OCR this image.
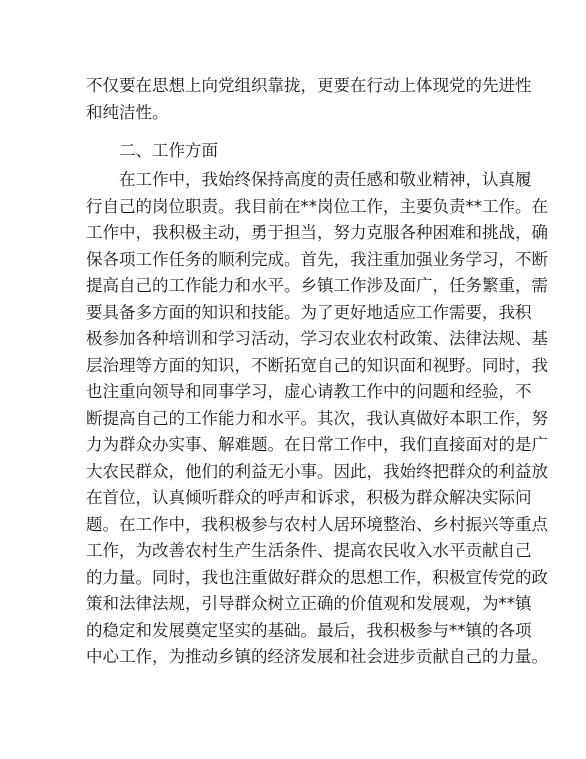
不仅要在思想上向党组织靠拢，更要在行动上体现党的先进性
和纯洁性。
二、工作方面
在工作中，我始终保持高度的责任感和敬业精神，认真履
行自己的岗位职责。我目前在**岗位工作，主要负责**工作。在
工作中，我积极主动，勇于担当，努力克服各种困难和挑战，确
保各项工作任务的顺利完成。首先，我注重加强业务学习，不断
提高自己的工作能力和水平。乡镇工作涉及面广，任务繁重，需
要具备多方面的知识和技能。为了更好地适应工作需要，我积
极参加各种培训和学习活动，学习农业农村政策、法律法规、基
层治理等方面的知识，不断拓宽自己的知识面和视野。同时，我
也注重向领导和同事学习，虚心请教工作中的问题和经验，不
断提高自己的工作能力和水平。其次，我认真做好本职工作，努
力为群众办实事、解难题。在日常工作中，我们直接面对的是广
大农民群众，他们的利益无小事。因此，我始终把群众的利益放
在首位，认真倾听群众的呼声和诉求，积极为群众解决实际问
题。在工作中，我积极参与农村人居环境整治、乡村振兴等重点
工作，为改善农村生产生活条件、提高农民收入水平贡献自己
的力量。同时，我也注重做好群众的思想工作，积极宣传党的政
策和法律法规，引导群众树立正确的价值观和发展观，为**镇
的稳定和发展奠定坚实的基础。最后，我积极参与**镇的各项
中心工作，为推动乡镇的经济发展和社会进步贡献自己的力量。
